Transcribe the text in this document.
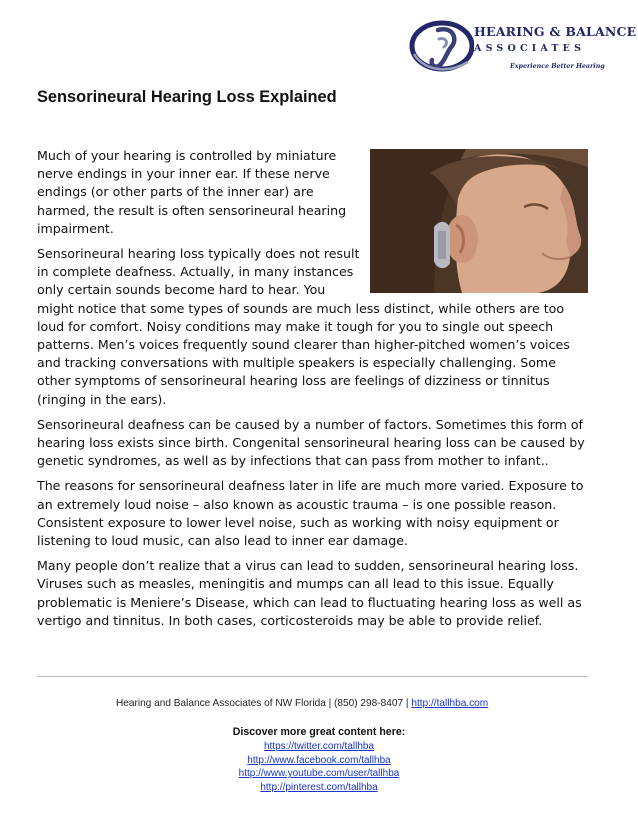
HEARING & BALANCE
ASSOCIATES
Experience Better Hearing
Sensorineural Hearing Loss Explained

Much of your hearing is controlled by miniature nerve endings in your inner ear. If these nerve endings (or other parts of the inner ear) are harmed, the result is often sensorineural hearing impairment.

Sensorineural hearing loss typically does not result in complete deafness. Actually, in many instances only certain sounds become hard to hear. You might notice that some types of sounds are much less distinct, while others are too loud for comfort. Noisy conditions may make it tough for you to single out speech patterns. Men’s voices frequently sound clearer than higher-pitched women’s voices and tracking conversations with multiple speakers is especially challenging. Some other symptoms of sensorineural hearing loss are feelings of dizziness or tinnitus (ringing in the ears).

Sensorineural deafness can be caused by a number of factors. Sometimes this form of hearing loss exists since birth. Congenital sensorineural hearing loss can be caused by genetic syndromes, as well as by infections that can pass from mother to infant..

The reasons for sensorineural deafness later in life are much more varied. Exposure to an extremely loud noise – also known as acoustic trauma – is one possible reason. Consistent exposure to lower level noise, such as working with noisy equipment or listening to loud music, can also lead to inner ear damage.

Many people don’t realize that a virus can lead to sudden, sensorineural hearing loss. Viruses such as measles, meningitis and mumps can all lead to this issue. Equally problematic is Meniere’s Disease, which can lead to fluctuating hearing loss as well as vertigo and tinnitus. In both cases, corticosteroids may be able to provide relief.

Hearing and Balance Associates of NW Florida | (850) 298-8407 | http://tallhba.com
Discover more great content here:
https://twitter.com/tallhba
http://www.facebook.com/tallhba
http://www.youtube.com/user/tallhba
http://pinterest.com/tallhba
